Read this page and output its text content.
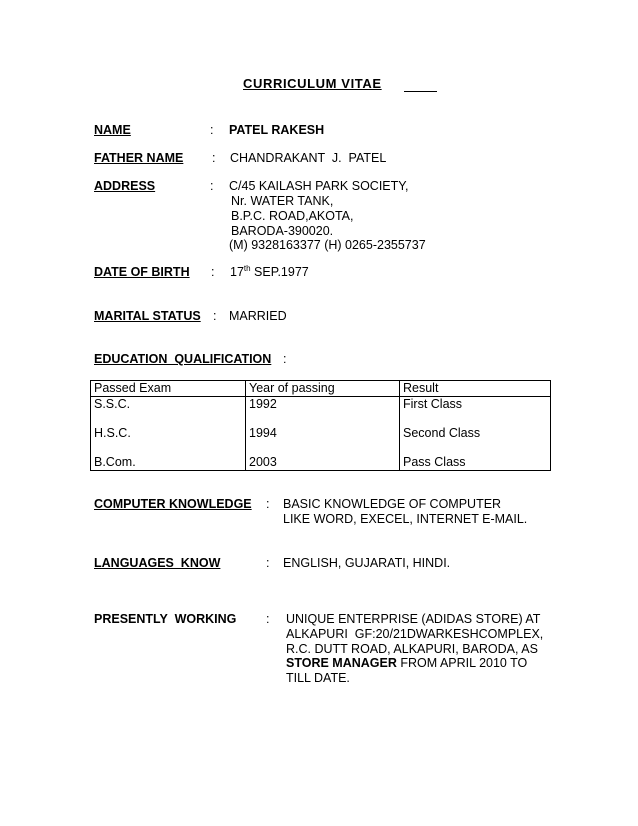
CURRICULUM VITAE
NAME	: PATEL RAKESH
FATHER NAME : CHANDRAKANT  J.  PATEL
ADDRESS	: C/45 KAILASH PARK SOCIETY,
Nr. WATER TANK,
B.P.C. ROAD,AKOTA,
BARODA-390020.
(M) 9328163377 (H) 0265-2355737
DATE OF BIRTH : 17th SEP.1977
MARITAL STATUS : MARRIED
EDUCATION  QUALIFICATION :
Passed Exam	Year of passing	Result
S.S.C.	1992	First Class
H.S.C.	1994	Second Class
B.Com.	2003	Pass Class
COMPUTER KNOWLEDGE : BASIC KNOWLEDGE OF COMPUTER
LIKE WORD, EXECEL, INTERNET E-MAIL.
LANGUAGES  KNOW	: ENGLISH, GUJARATI, HINDI.
PRESENTLY  WORKING : UNIQUE ENTERPRISE (ADIDAS STORE) AT
ALKAPURI  GF:20/21DWARKESHCOMPLEX,
R.C. DUTT ROAD, ALKAPURI, BARODA, AS
STORE MANAGER FROM APRIL 2010 TO
TILL DATE.
